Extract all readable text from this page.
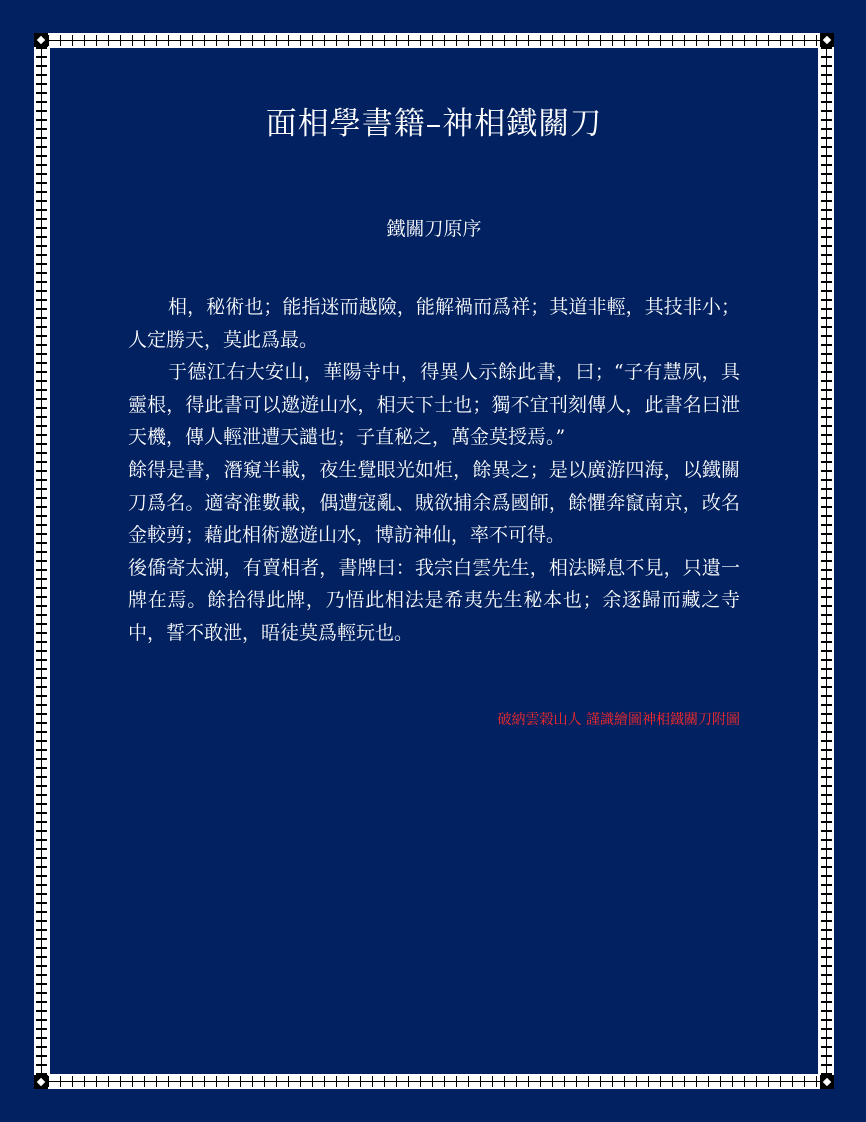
面相學書籍–神相鐵關刀
鐵關刀原序

相，秘術也；能指迷而越險，能解禍而爲祥；其道非輕，其技非小；人定勝天，莫此爲最。

于德江右大安山，華陽寺中，得異人示餘此書，曰；“子有慧夙，具靈根，得此書可以邀遊山水，相天下士也；獨不宜刊刻傳人，此書名曰泄天機，傳人輕泄遭天譴也；子直秘之，萬金莫授焉。”

餘得是書，潛窺半載，夜生覺眼光如炬，餘異之；是以廣游四海，以鐵關刀爲名。適寄淮數載，偶遭寇亂、賊欲捕余爲國師，餘懼奔竄南京，改名金較剪；藉此相術邀遊山水，博訪神仙，率不可得。

後僑寄太湖，有賣相者，書牌曰：我宗白雲先生，相法瞬息不見，只遺一牌在焉。餘拾得此牌，乃悟此相法是希夷先生秘本也；余逐歸而藏之寺中，誓不敢泄，晤徒莫爲輕玩也。

破納雲榖山人 謹識繪圖神相鐵關刀附圖
